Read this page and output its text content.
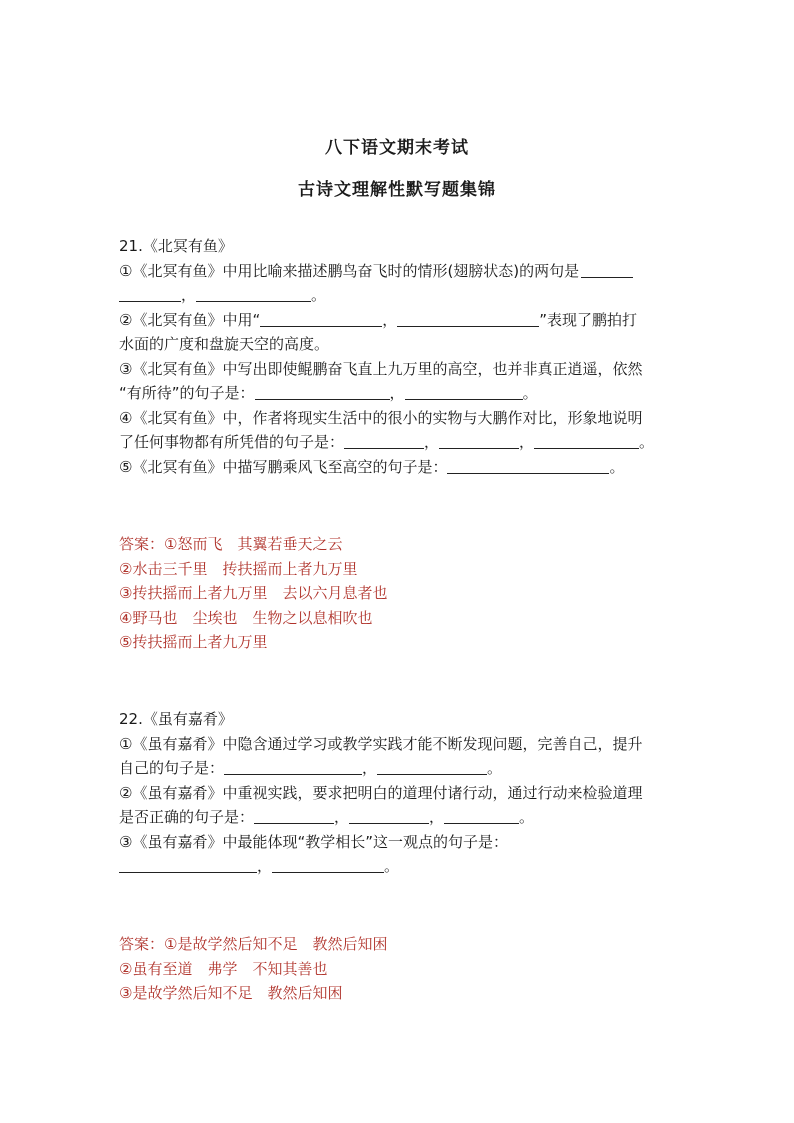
八下语文期末考试
古诗文理解性默写题集锦
21.《北冥有鱼》
①《北冥有鱼》中用比喻来描述鹏鸟奋飞时的情形(翅膀状态)的两句是
，	。
②《北冥有鱼》中用“	，	”表现了鹏拍打
水面的广度和盘旋天空的高度。
③《北冥有鱼》中写出即使鲲鹏奋飞直上九万里的高空，也并非真正逍遥，依然
“有所待”的句子是：	，	。
④《北冥有鱼》中，作者将现实生活中的很小的实物与大鹏作对比，形象地说明
了任何事物都有所凭借的句子是：	，	，	。
⑤《北冥有鱼》中描写鹏乘风飞至高空的句子是：	。
答案：①怒而飞　其翼若垂天之云
②水击三千里　抟扶摇而上者九万里
③抟扶摇而上者九万里　去以六月息者也
④野马也　尘埃也　生物之以息相吹也
⑤抟扶摇而上者九万里
22.《虽有嘉肴》
①《虽有嘉肴》中隐含通过学习或教学实践才能不断发现问题，完善自己，提升
自己的句子是：	，	。
②《虽有嘉肴》中重视实践，要求把明白的道理付诸行动，通过行动来检验道理
是否正确的句子是：	，	，	。
③《虽有嘉肴》中最能体现“教学相长”这一观点的句子是：
，	。
答案：①是故学然后知不足　教然后知困
②虽有至道　弗学　不知其善也
③是故学然后知不足　教然后知困
